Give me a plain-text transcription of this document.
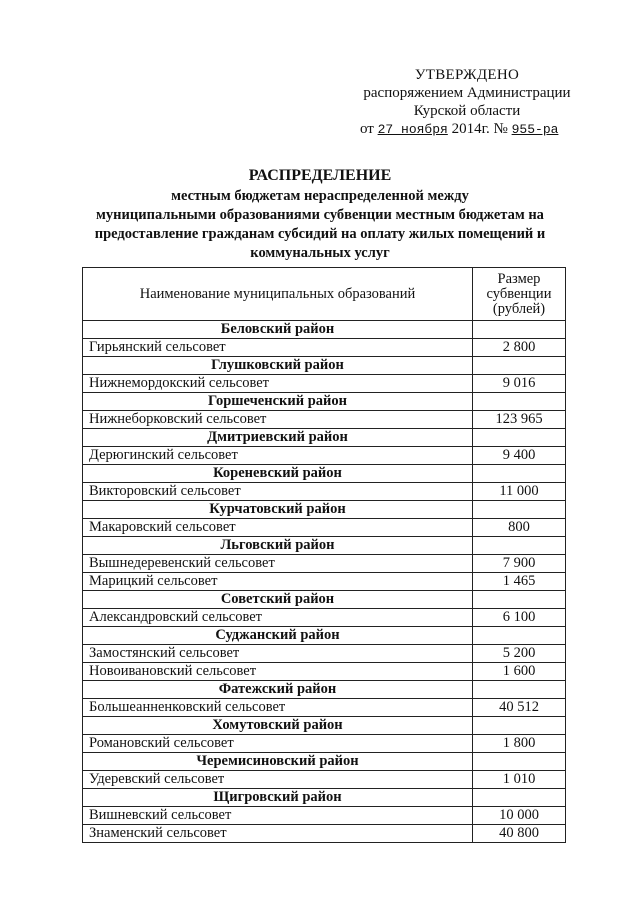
УТВЕРЖДЕНО
распоряжением Администрации
Курской области
от 27 ноября 2014г. № 955-ра
РАСПРЕДЕЛЕНИЕ
местным бюджетам нераспределенной между
муниципальными образованиями субвенции местным бюджетам на
предоставление гражданам субсидий на оплату жилых помещений и
коммунальных услуг
Наименование муниципальных образований	Размер
субвенции
(рублей)

Беловский район	
Гирьянский сельсовет	2 800
Глушковский район	
Нижнемордокский сельсовет	9 016
Горшеченский район	
Нижнеборковский сельсовет	123 965
Дмитриевский район	
Дерюгинский сельсовет	9 400
Кореневский район	
Викторовский сельсовет	11 000
Курчатовский район	
Макаровский сельсовет	800
Льговский район	
Вышнедеревенский сельсовет	7 900
Марицкий сельсовет	1 465
Советский район	
Александровский сельсовет	6 100
Суджанский район	
Замостянский сельсовет	5 200
Новоивановский сельсовет	1 600
Фатежский район	
Большеанненковский сельсовет	40 512
Хомутовский район	
Романовский сельсовет	1 800
Черемисиновский район	
Удеревский сельсовет	1 010
Щигровский район	
Вишневский сельсовет	10 000
Знаменский сельсовет	40 800
